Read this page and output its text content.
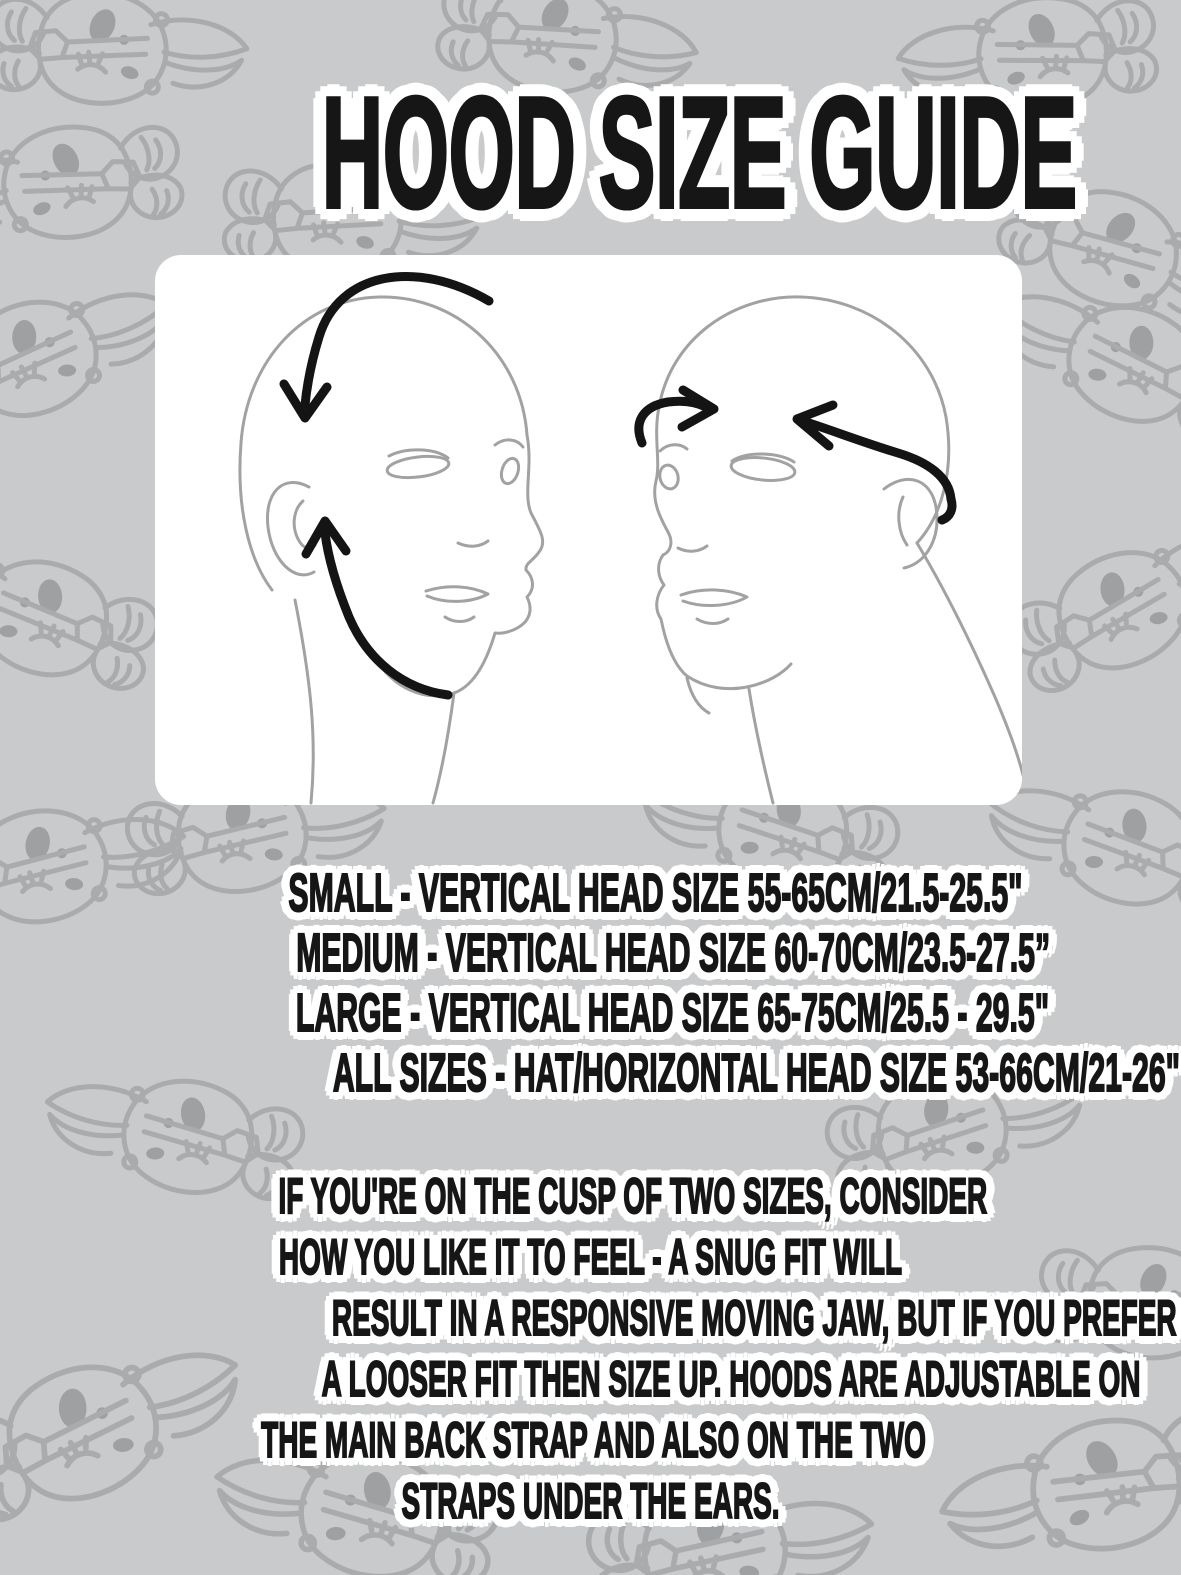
HOOD SIZE GUIDE
SMALL - VERTICAL HEAD SIZE 55-65CM/21.5-25.5"
MEDIUM - VERTICAL HEAD SIZE 60-70CM/23.5-27.5”
LARGE - VERTICAL HEAD SIZE 65-75CM/25.5 - 29.5"
ALL SIZES - HAT/HORIZONTAL HEAD SIZE 53-66CM/21-26"
IF YOU'RE ON THE CUSP OF TWO SIZES, CONSIDER
HOW YOU LIKE IT TO FEEL - A SNUG FIT WILL
RESULT IN A RESPONSIVE MOVING JAW, BUT IF YOU PREFER
A LOOSER FIT THEN SIZE UP. HOODS ARE ADJUSTABLE ON
THE MAIN BACK STRAP AND ALSO ON THE TWO
STRAPS UNDER THE EARS.
